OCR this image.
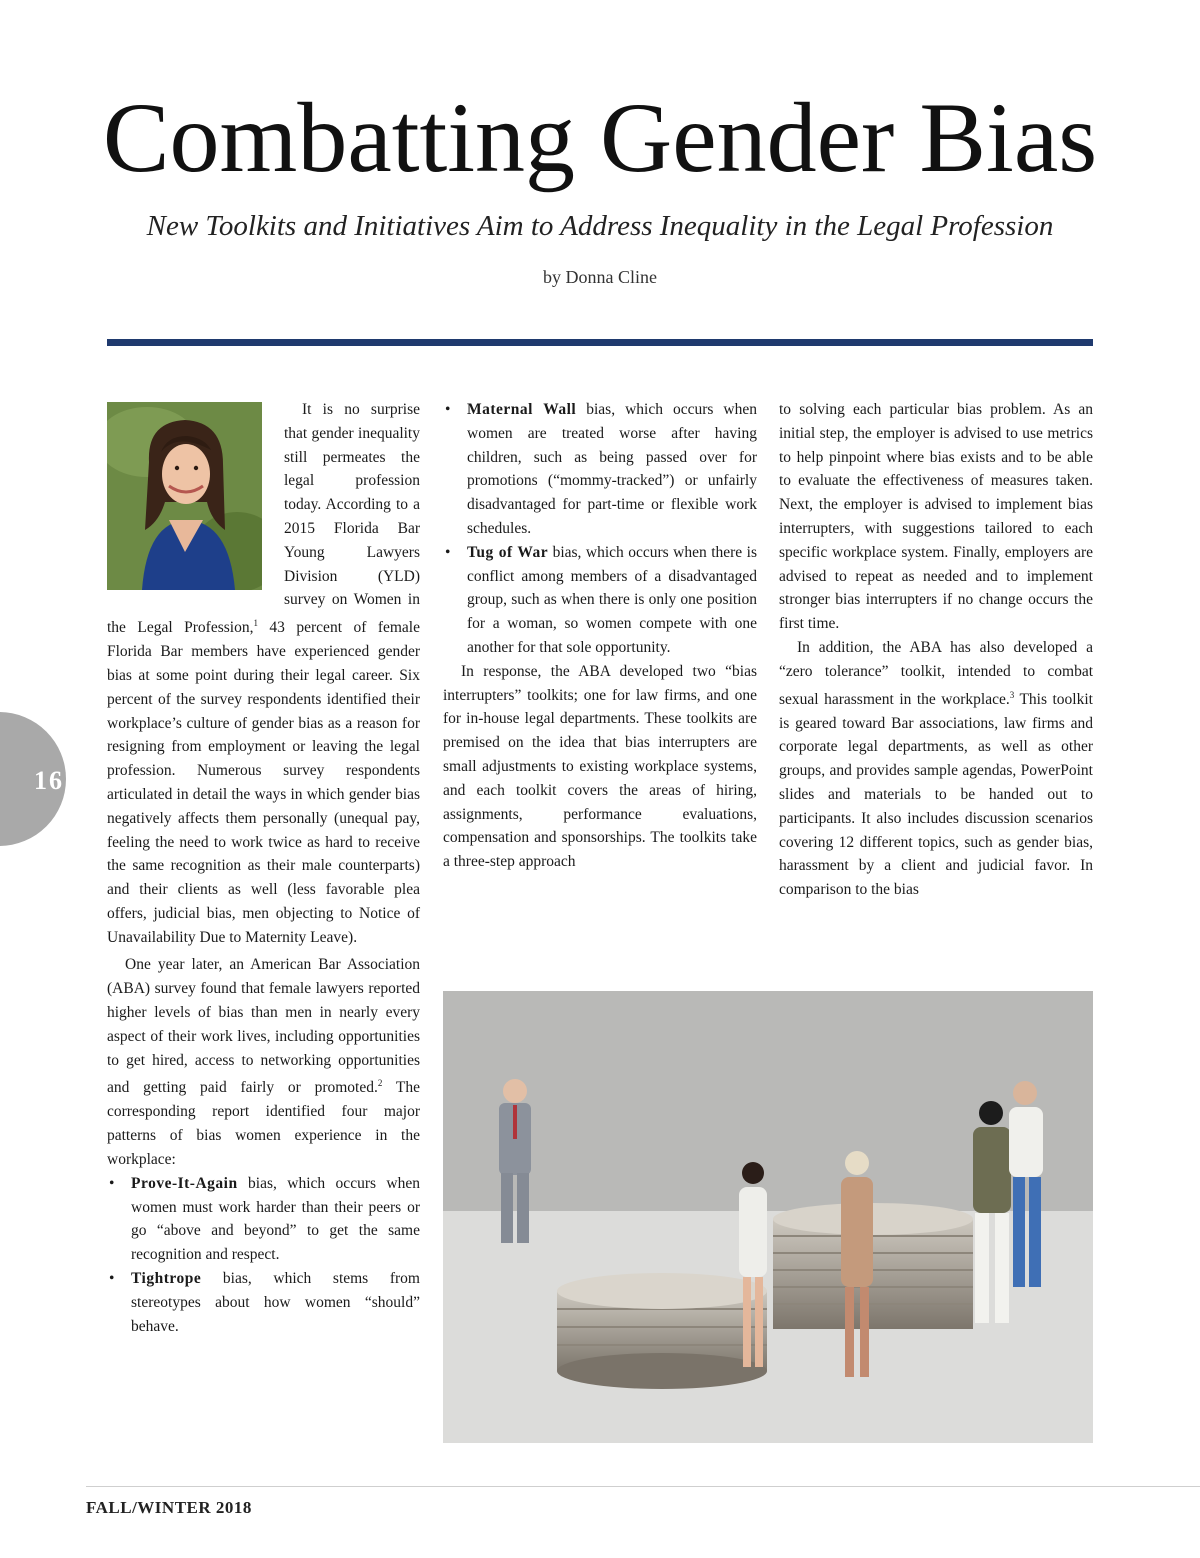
Combatting Gender Bias
New Toolkits and Initiatives Aim to Address Inequality in the Legal Profession
by Donna Cline

It is no surprise that gender inequality still permeates the legal profession today. According to a 2015 Florida Bar Young Lawyers Division (YLD) survey on Women in the Legal Profession,$^1$ 43 percent of female Florida Bar members have experienced gender bias at some point during their legal career. Six percent of the survey respondents identified their workplace’s culture of gender bias as a reason for resigning from employment or leaving the legal profession. Numerous survey respondents articulated in detail the ways in which gender bias negatively affects them personally (unequal pay, feeling the need to work twice as hard to receive the same recognition as their male counterparts) and their clients as well (less favorable plea offers, judicial bias, men objecting to Notice of Unavailability Due to Maternity Leave).

One year later, an American Bar Association (ABA) survey found that female lawyers reported higher levels of bias than men in nearly every aspect of their work lives, including opportunities to get hired, access to networking opportunities and getting paid fairly or promoted.$^2$ The corresponding report identified four major patterns of bias women experience in the workplace:

• Prove-It-Again bias, which occurs when women must work harder than their peers or go “above and beyond” to get the same recognition and respect.
• Tightrope bias, which stems from stereotypes about how women “should” behave.
• Maternal Wall bias, which occurs when women are treated worse after having children, such as being passed over for promotions (“mommy-tracked”) or unfairly disadvantaged for part-time or flexible work schedules.
• Tug of War bias, which occurs when there is conflict among members of a disadvantaged group, such as when there is only one position for a woman, so women compete with one another for that sole opportunity.

In response, the ABA developed two “bias interrupters” toolkits; one for law firms, and one for in-house legal departments. These toolkits are premised on the idea that bias interrupters are small adjustments to existing workplace systems, and each toolkit covers the areas of hiring, assignments, performance evaluations, compensation and sponsorships. The toolkits take a three-step approach

to solving each particular bias problem. As an initial step, the employer is advised to use metrics to help pinpoint where bias exists and to be able to evaluate the effectiveness of measures taken. Next, the employer is advised to implement bias interrupters, with suggestions tailored to each specific workplace system. Finally, employers are advised to repeat as needed and to implement stronger bias interrupters if no change occurs the first time.

In addition, the ABA has also developed a “zero tolerance” toolkit, intended to combat sexual harassment in the workplace.$^3$ This toolkit is geared toward Bar associations, law firms and corporate legal departments, as well as other groups, and provides sample agendas, PowerPoint slides and materials to be handed out to participants. It also includes discussion scenarios covering 12 different topics, such as gender bias, harassment by a client and judicial favor. In comparison to the bias

16
FALL/WINTER 2018
